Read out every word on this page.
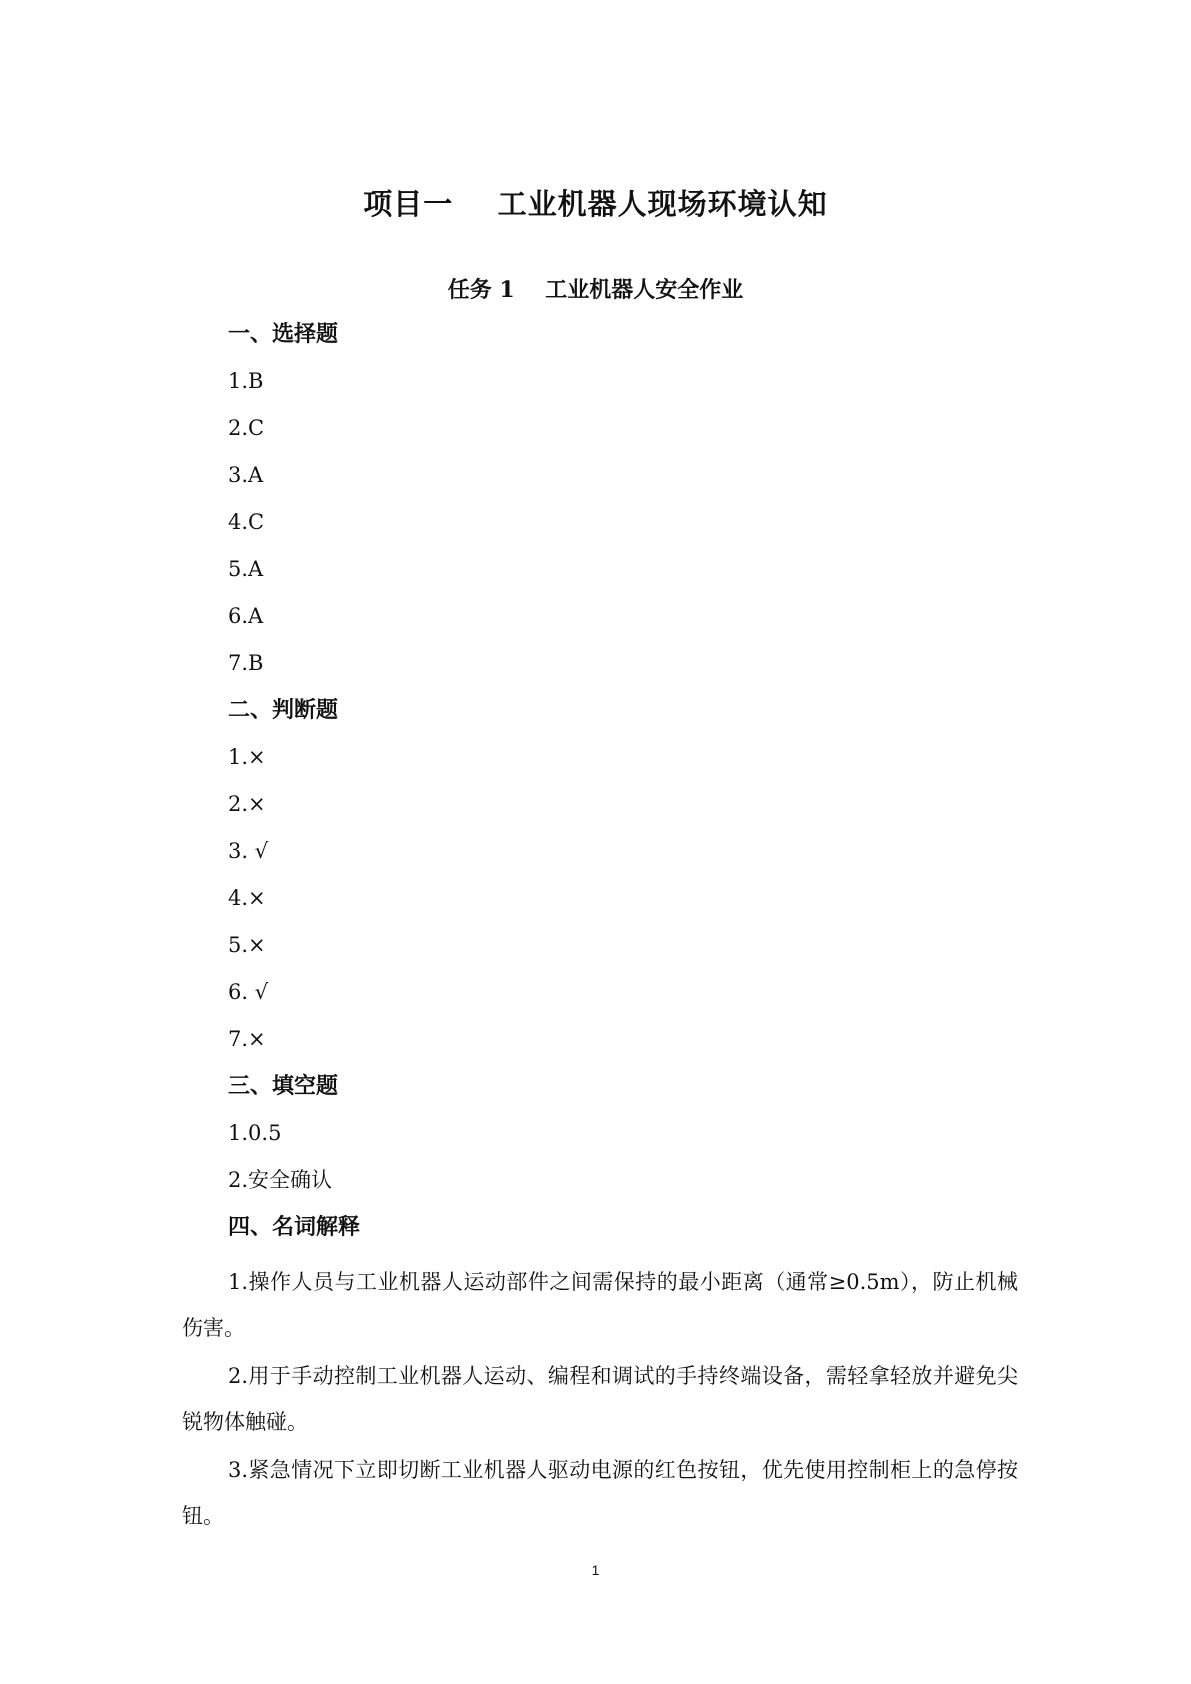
项目一    工业机器人现场环境认知
任务 1    工业机器人安全作业
一、选择题
1.B
2.C
3.A
4.C
5.A
6.A
7.B
二、判断题
1.×
2.×
3. √
4.×
5.×
6. √
7.×
三、填空题
1.0.5
2.安全确认
四、名词解释

1.操作人员与工业机器人运动部件之间需保持的最小距离（通常≥0.5m），防止机械伤害。

2.用于手动控制工业机器人运动、编程和调试的手持终端设备，需轻拿轻放并避免尖锐物体触碰。

3.紧急情况下立即切断工业机器人驱动电源的红色按钮，优先使用控制柜上的急停按钮。

1
